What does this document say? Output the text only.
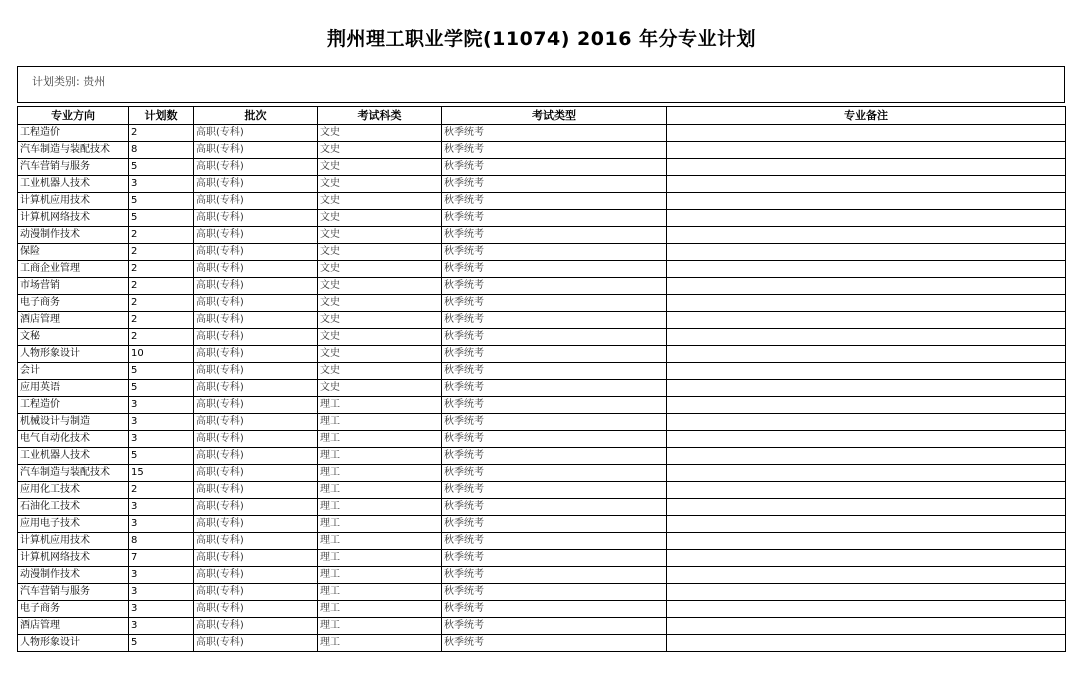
荆州理工职业学院(11074) 2016 年分专业计划
计划类别: 贵州
专业方向	计划数	批次	考试科类	考试类型	专业备注
工程造价	2	高职(专科)	文史	秋季统考	
汽车制造与装配技术	8	高职(专科)	文史	秋季统考	
汽车营销与服务	5	高职(专科)	文史	秋季统考	
工业机器人技术	3	高职(专科)	文史	秋季统考	
计算机应用技术	5	高职(专科)	文史	秋季统考	
计算机网络技术	5	高职(专科)	文史	秋季统考	
动漫制作技术	2	高职(专科)	文史	秋季统考	
保险	2	高职(专科)	文史	秋季统考	
工商企业管理	2	高职(专科)	文史	秋季统考	
市场营销	2	高职(专科)	文史	秋季统考	
电子商务	2	高职(专科)	文史	秋季统考	
酒店管理	2	高职(专科)	文史	秋季统考	
文秘	2	高职(专科)	文史	秋季统考	
人物形象设计	10	高职(专科)	文史	秋季统考	
会计	5	高职(专科)	文史	秋季统考	
应用英语	5	高职(专科)	文史	秋季统考	
工程造价	3	高职(专科)	理工	秋季统考	
机械设计与制造	3	高职(专科)	理工	秋季统考	
电气自动化技术	3	高职(专科)	理工	秋季统考	
工业机器人技术	5	高职(专科)	理工	秋季统考	
汽车制造与装配技术	15	高职(专科)	理工	秋季统考	
应用化工技术	2	高职(专科)	理工	秋季统考	
石油化工技术	3	高职(专科)	理工	秋季统考	
应用电子技术	3	高职(专科)	理工	秋季统考	
计算机应用技术	8	高职(专科)	理工	秋季统考	
计算机网络技术	7	高职(专科)	理工	秋季统考	
动漫制作技术	3	高职(专科)	理工	秋季统考	
汽车营销与服务	3	高职(专科)	理工	秋季统考	
电子商务	3	高职(专科)	理工	秋季统考	
酒店管理	3	高职(专科)	理工	秋季统考	
人物形象设计	5	高职(专科)	理工	秋季统考	
